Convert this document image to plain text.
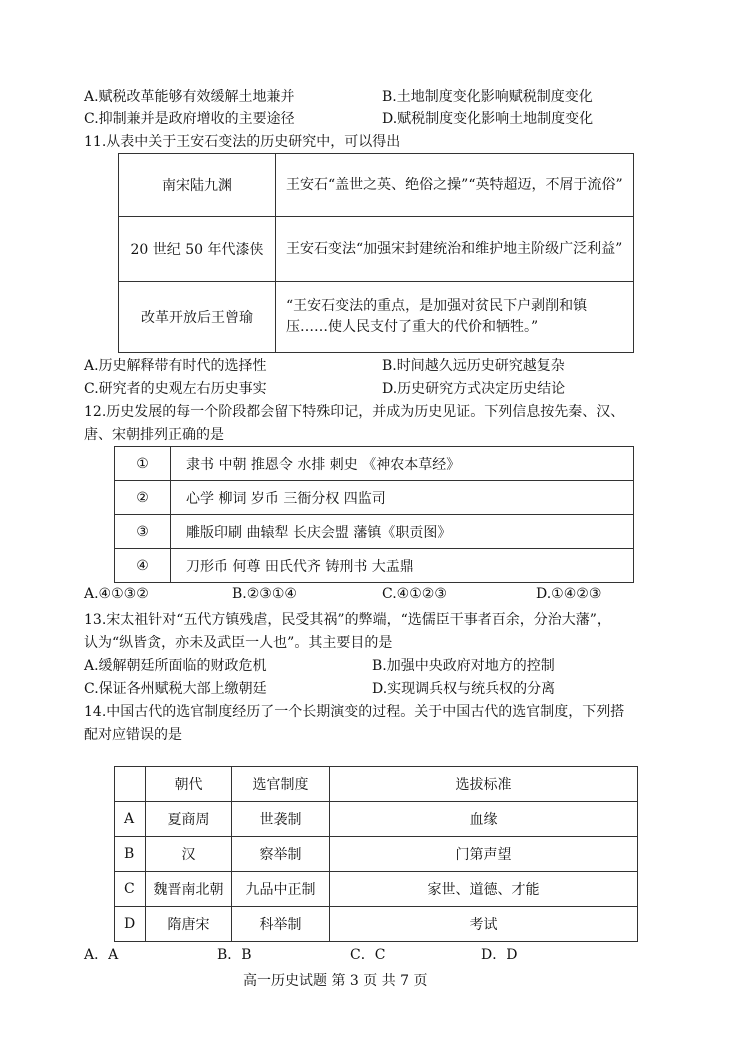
A.赋税改革能够有效缓解土地兼并	B.土地制度变化影响赋税制度变化
C.抑制兼并是政府增收的主要途径	D.赋税制度变化影响土地制度变化
11.从表中关于王安石变法的历史研究中，可以得出
南宋陆九渊	王安石“盖世之英、绝俗之操”“英特超迈，不屑于流俗”
20 世纪 50 年代漆侠	王安石变法“加强宋封建统治和维护地主阶级广泛利益”
改革开放后王曾瑜	“王安石变法的重点，是加强对贫民下户剥削和镇压……使人民支付了重大的代价和牺牲。”
A.历史解释带有时代的选择性	B.时间越久远历史研究越复杂
C.研究者的史观左右历史事实	D.历史研究方式决定历史结论
12.历史发展的每一个阶段都会留下特殊印记，并成为历史见证。下列信息按先秦、汉、
唐、宋朝排列正确的是
①	隶书 中朝 推恩令 水排 刺史 《神农本草经》
②	心学 柳词 岁币 三衙分权 四监司
③	雕版印刷 曲辕犁 长庆会盟 藩镇《职贡图》
④	刀形币 何尊 田氏代齐 铸刑书 大盂鼎
A.④①③②	B.②③①④	C.④①②③	D.①④②③
13.宋太祖针对“五代方镇残虐，民受其祸”的弊端，“选儒臣干事者百余，分治大藩”，
认为“纵皆贪，亦未及武臣一人也”。其主要目的是
A.缓解朝廷所面临的财政危机	B.加强中央政府对地方的控制
C.保证各州赋税大部上缴朝廷	D.实现调兵权与统兵权的分离
14.中国古代的选官制度经历了一个长期演变的过程。关于中国古代的选官制度，下列搭
配对应错误的是
	朝代	选官制度	选拔标准
A	夏商周	世袭制	血缘
B	汉	察举制	门第声望
C	魏晋南北朝	九品中正制	家世、道德、才能
D	隋唐宋	科举制	考试
A．A	B．B	C．C	D．D
高一历史试题 第 3 页 共 7 页
